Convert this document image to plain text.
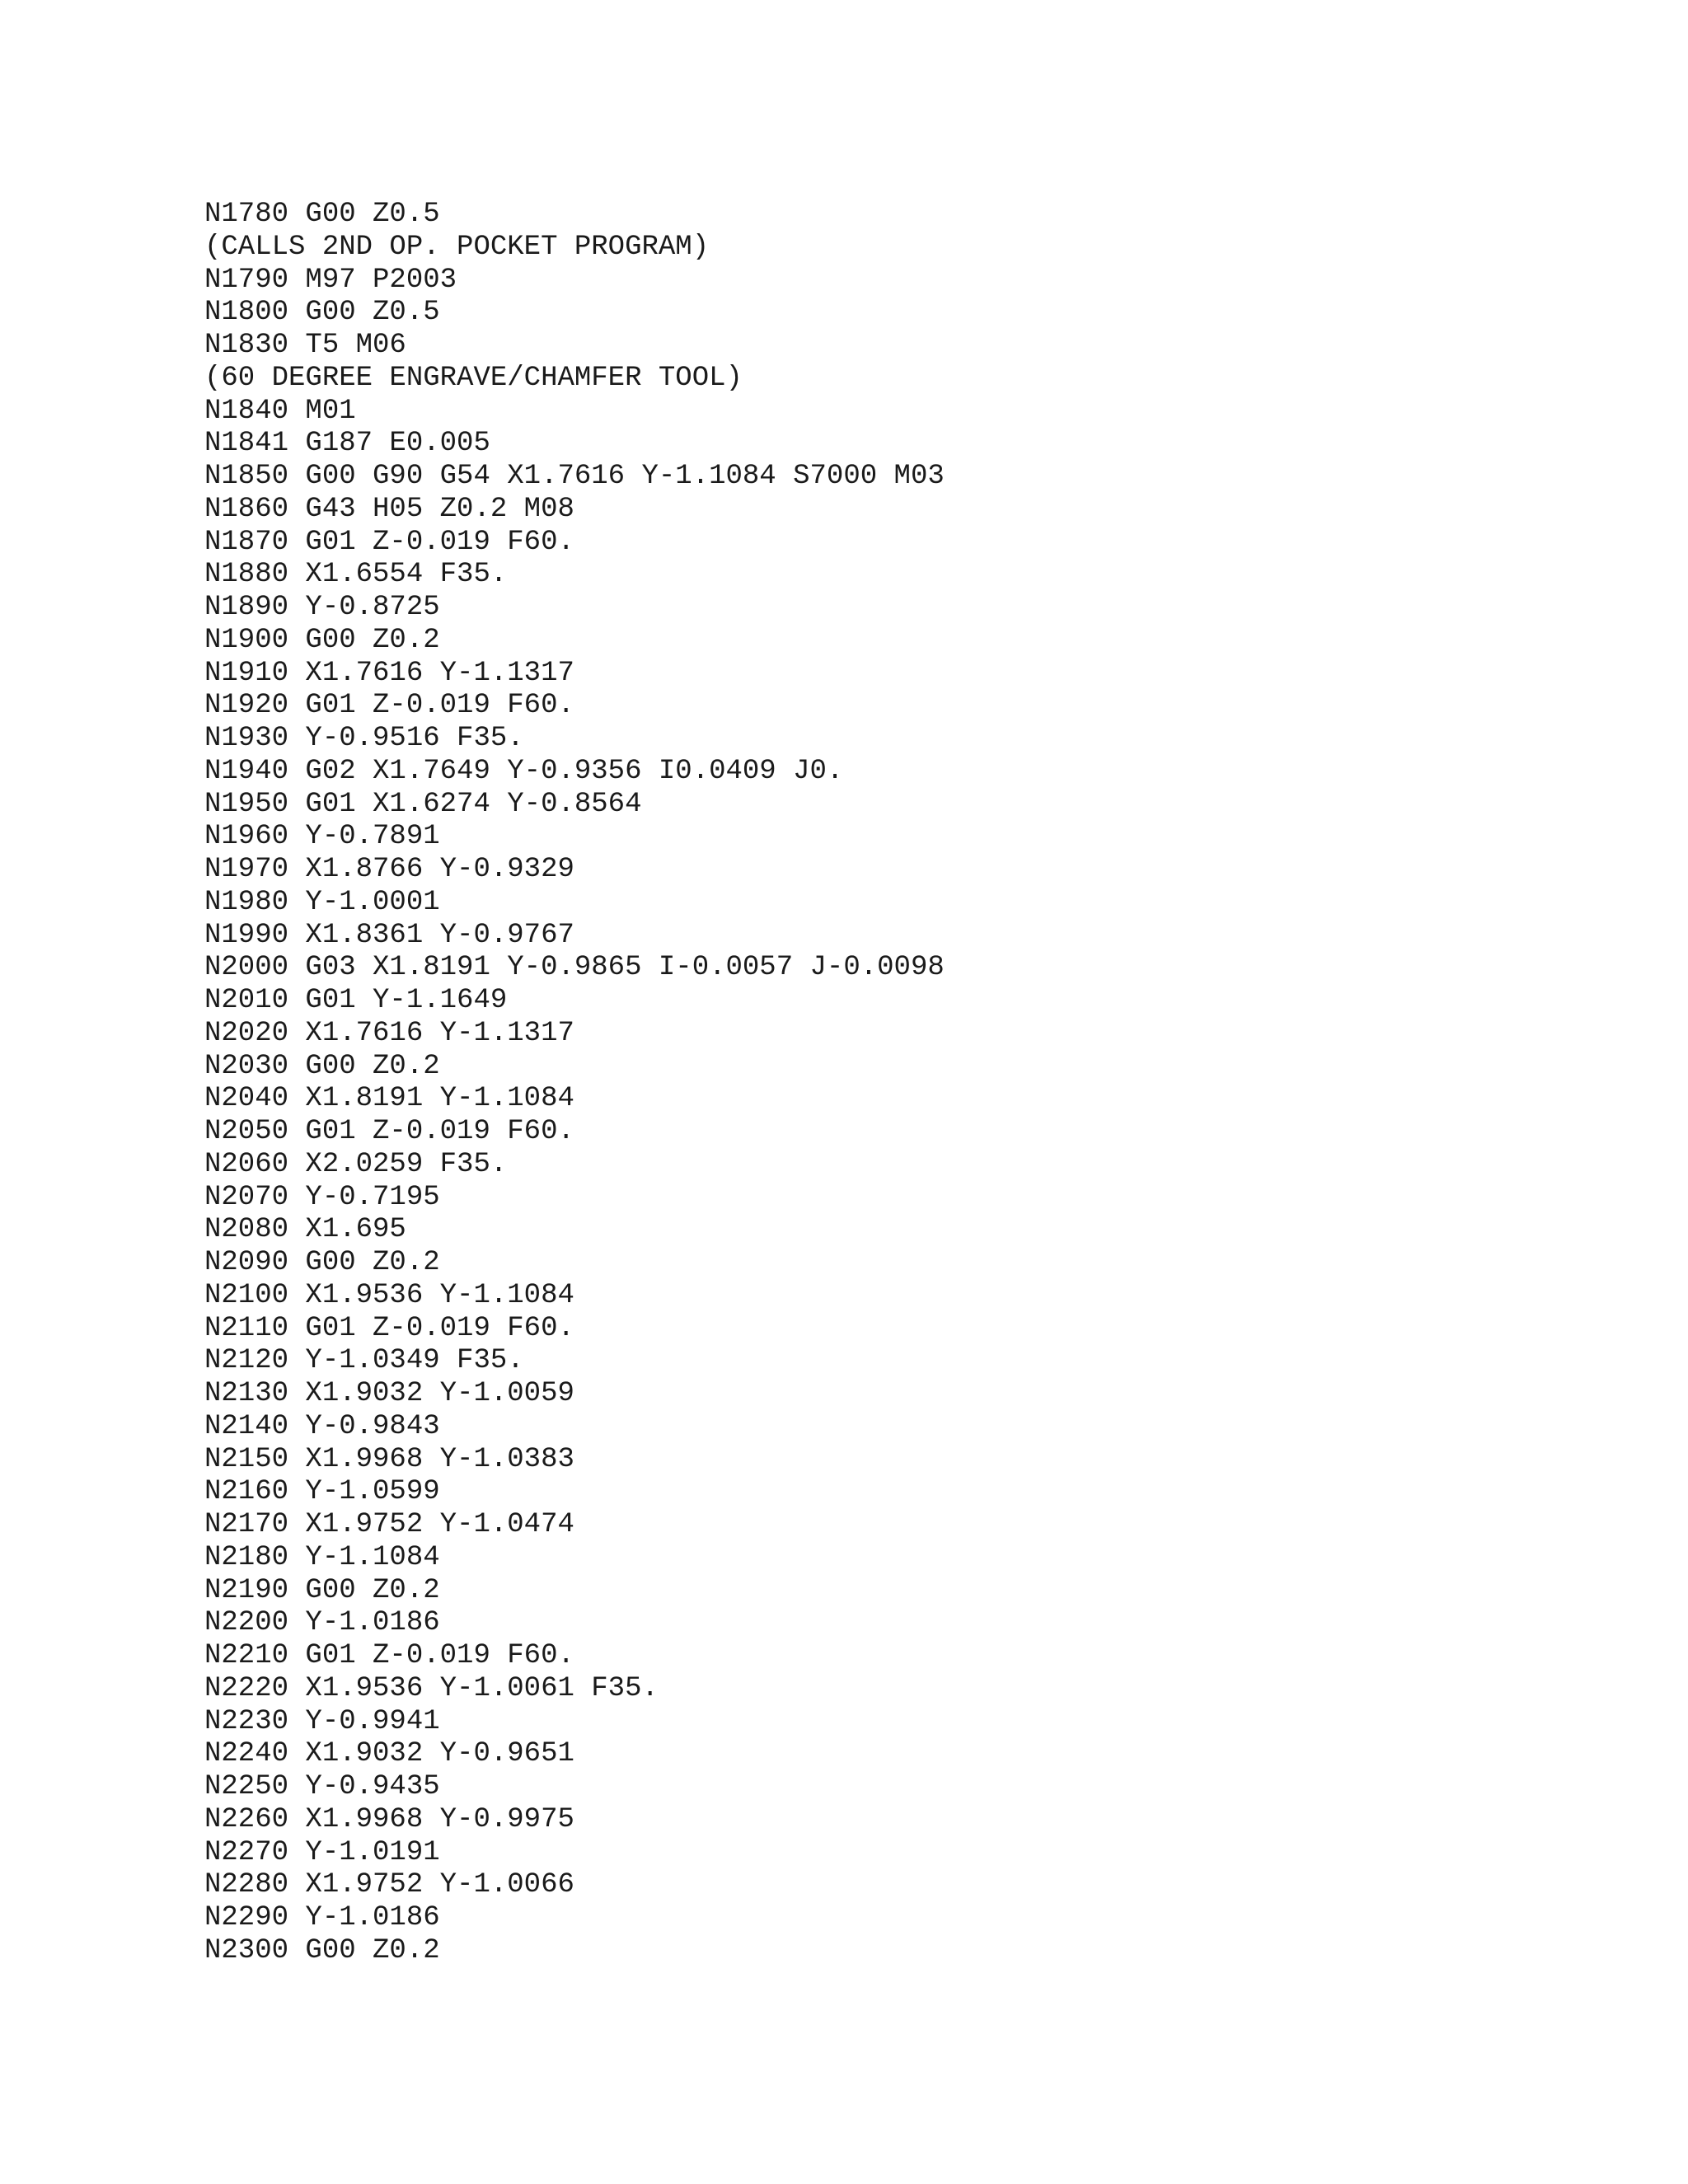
N1780 G00 Z0.5
(CALLS 2ND OP. POCKET PROGRAM)
N1790 M97 P2003
N1800 G00 Z0.5
N1830 T5 M06
(60 DEGREE ENGRAVE/CHAMFER TOOL)
N1840 M01
N1841 G187 E0.005
N1850 G00 G90 G54 X1.7616 Y-1.1084 S7000 M03
N1860 G43 H05 Z0.2 M08
N1870 G01 Z-0.019 F60.
N1880 X1.6554 F35.
N1890 Y-0.8725
N1900 G00 Z0.2
N1910 X1.7616 Y-1.1317
N1920 G01 Z-0.019 F60.
N1930 Y-0.9516 F35.
N1940 G02 X1.7649 Y-0.9356 I0.0409 J0.
N1950 G01 X1.6274 Y-0.8564
N1960 Y-0.7891
N1970 X1.8766 Y-0.9329
N1980 Y-1.0001
N1990 X1.8361 Y-0.9767
N2000 G03 X1.8191 Y-0.9865 I-0.0057 J-0.0098
N2010 G01 Y-1.1649
N2020 X1.7616 Y-1.1317
N2030 G00 Z0.2
N2040 X1.8191 Y-1.1084
N2050 G01 Z-0.019 F60.
N2060 X2.0259 F35.
N2070 Y-0.7195
N2080 X1.695
N2090 G00 Z0.2
N2100 X1.9536 Y-1.1084
N2110 G01 Z-0.019 F60.
N2120 Y-1.0349 F35.
N2130 X1.9032 Y-1.0059
N2140 Y-0.9843
N2150 X1.9968 Y-1.0383
N2160 Y-1.0599
N2170 X1.9752 Y-1.0474
N2180 Y-1.1084
N2190 G00 Z0.2
N2200 Y-1.0186
N2210 G01 Z-0.019 F60.
N2220 X1.9536 Y-1.0061 F35.
N2230 Y-0.9941
N2240 X1.9032 Y-0.9651
N2250 Y-0.9435
N2260 X1.9968 Y-0.9975
N2270 Y-1.0191
N2280 X1.9752 Y-1.0066
N2290 Y-1.0186
N2300 G00 Z0.2
